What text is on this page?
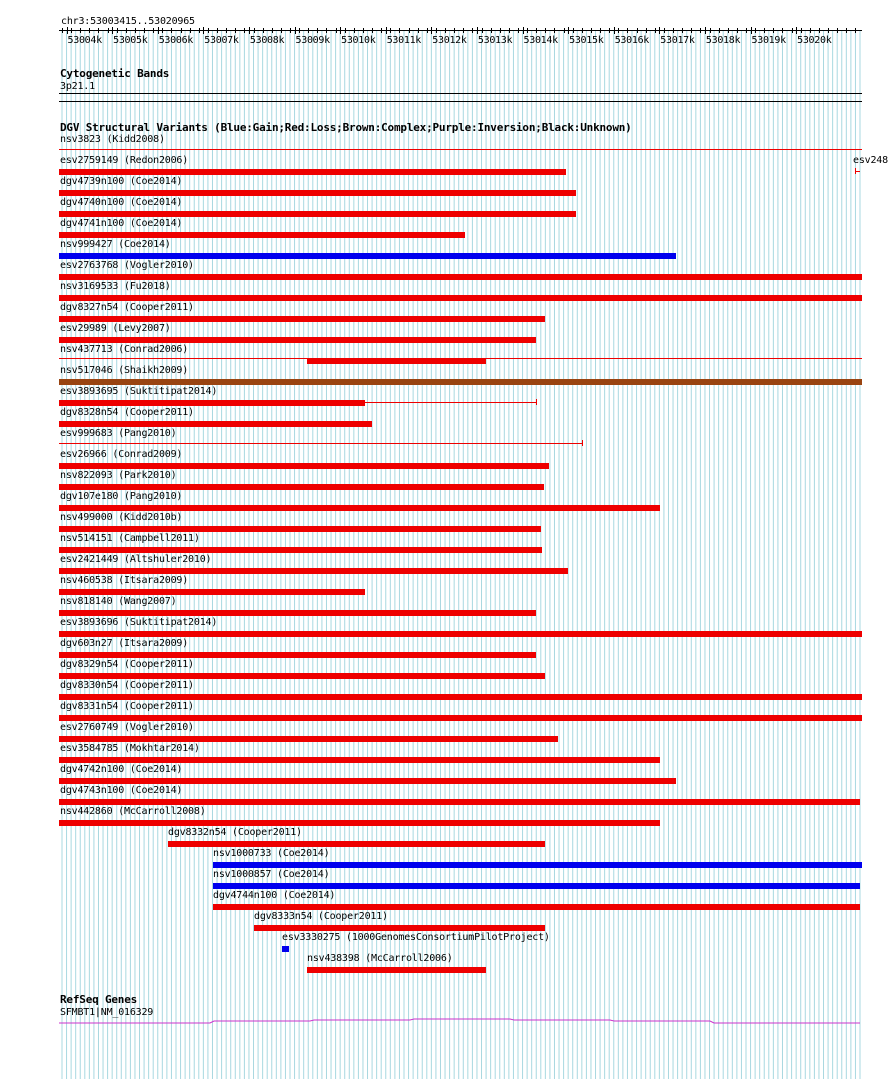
chr3:53003415..53020965
53004k 53005k 53006k 53007k 53008k 53009k 53010k 53011k 53012k 53013k 53014k 53015k 53016k 53017k 53018k 53019k 53020k
Cytogenetic Bands
3p21.1
DGV Structural Variants (Blue:Gain;Red:Loss;Brown:Complex;Purple:Inversion;Black:Unknown)
nsv3823 (Kidd2008)
esv2759149 (Redon2006)	esv248
dgv4739n100 (Coe2014)
dgv4740n100 (Coe2014)
dgv4741n100 (Coe2014)
nsv999427 (Coe2014)
esv2763768 (Vogler2010)
nsv3169533 (Fu2018)
dgv8327n54 (Cooper2011)
esv29989 (Levy2007)
nsv437713 (Conrad2006)
nsv517046 (Shaikh2009)
esv3893695 (Suktitipat2014)
dgv8328n54 (Cooper2011)
esv999683 (Pang2010)
esv26966 (Conrad2009)
nsv822093 (Park2010)
dgv107e180 (Pang2010)
nsv499000 (Kidd2010b)
nsv514151 (Campbell2011)
esv2421449 (Altshuler2010)
nsv460538 (Itsara2009)
nsv818140 (Wang2007)
esv3893696 (Suktitipat2014)
dgv603n27 (Itsara2009)
dgv8329n54 (Cooper2011)
dgv8330n54 (Cooper2011)
dgv8331n54 (Cooper2011)
esv2760749 (Vogler2010)
esv3584785 (Mokhtar2014)
dgv4742n100 (Coe2014)
dgv4743n100 (Coe2014)
nsv442860 (McCarroll2008)
dgv8332n54 (Cooper2011)
nsv1000733 (Coe2014)
nsv1000857 (Coe2014)
dgv4744n100 (Coe2014)
dgv8333n54 (Cooper2011)
esv3330275 (1000GenomesConsortiumPilotProject)
nsv438398 (McCarroll2006)
RefSeq Genes
SFMBT1|NM_016329
